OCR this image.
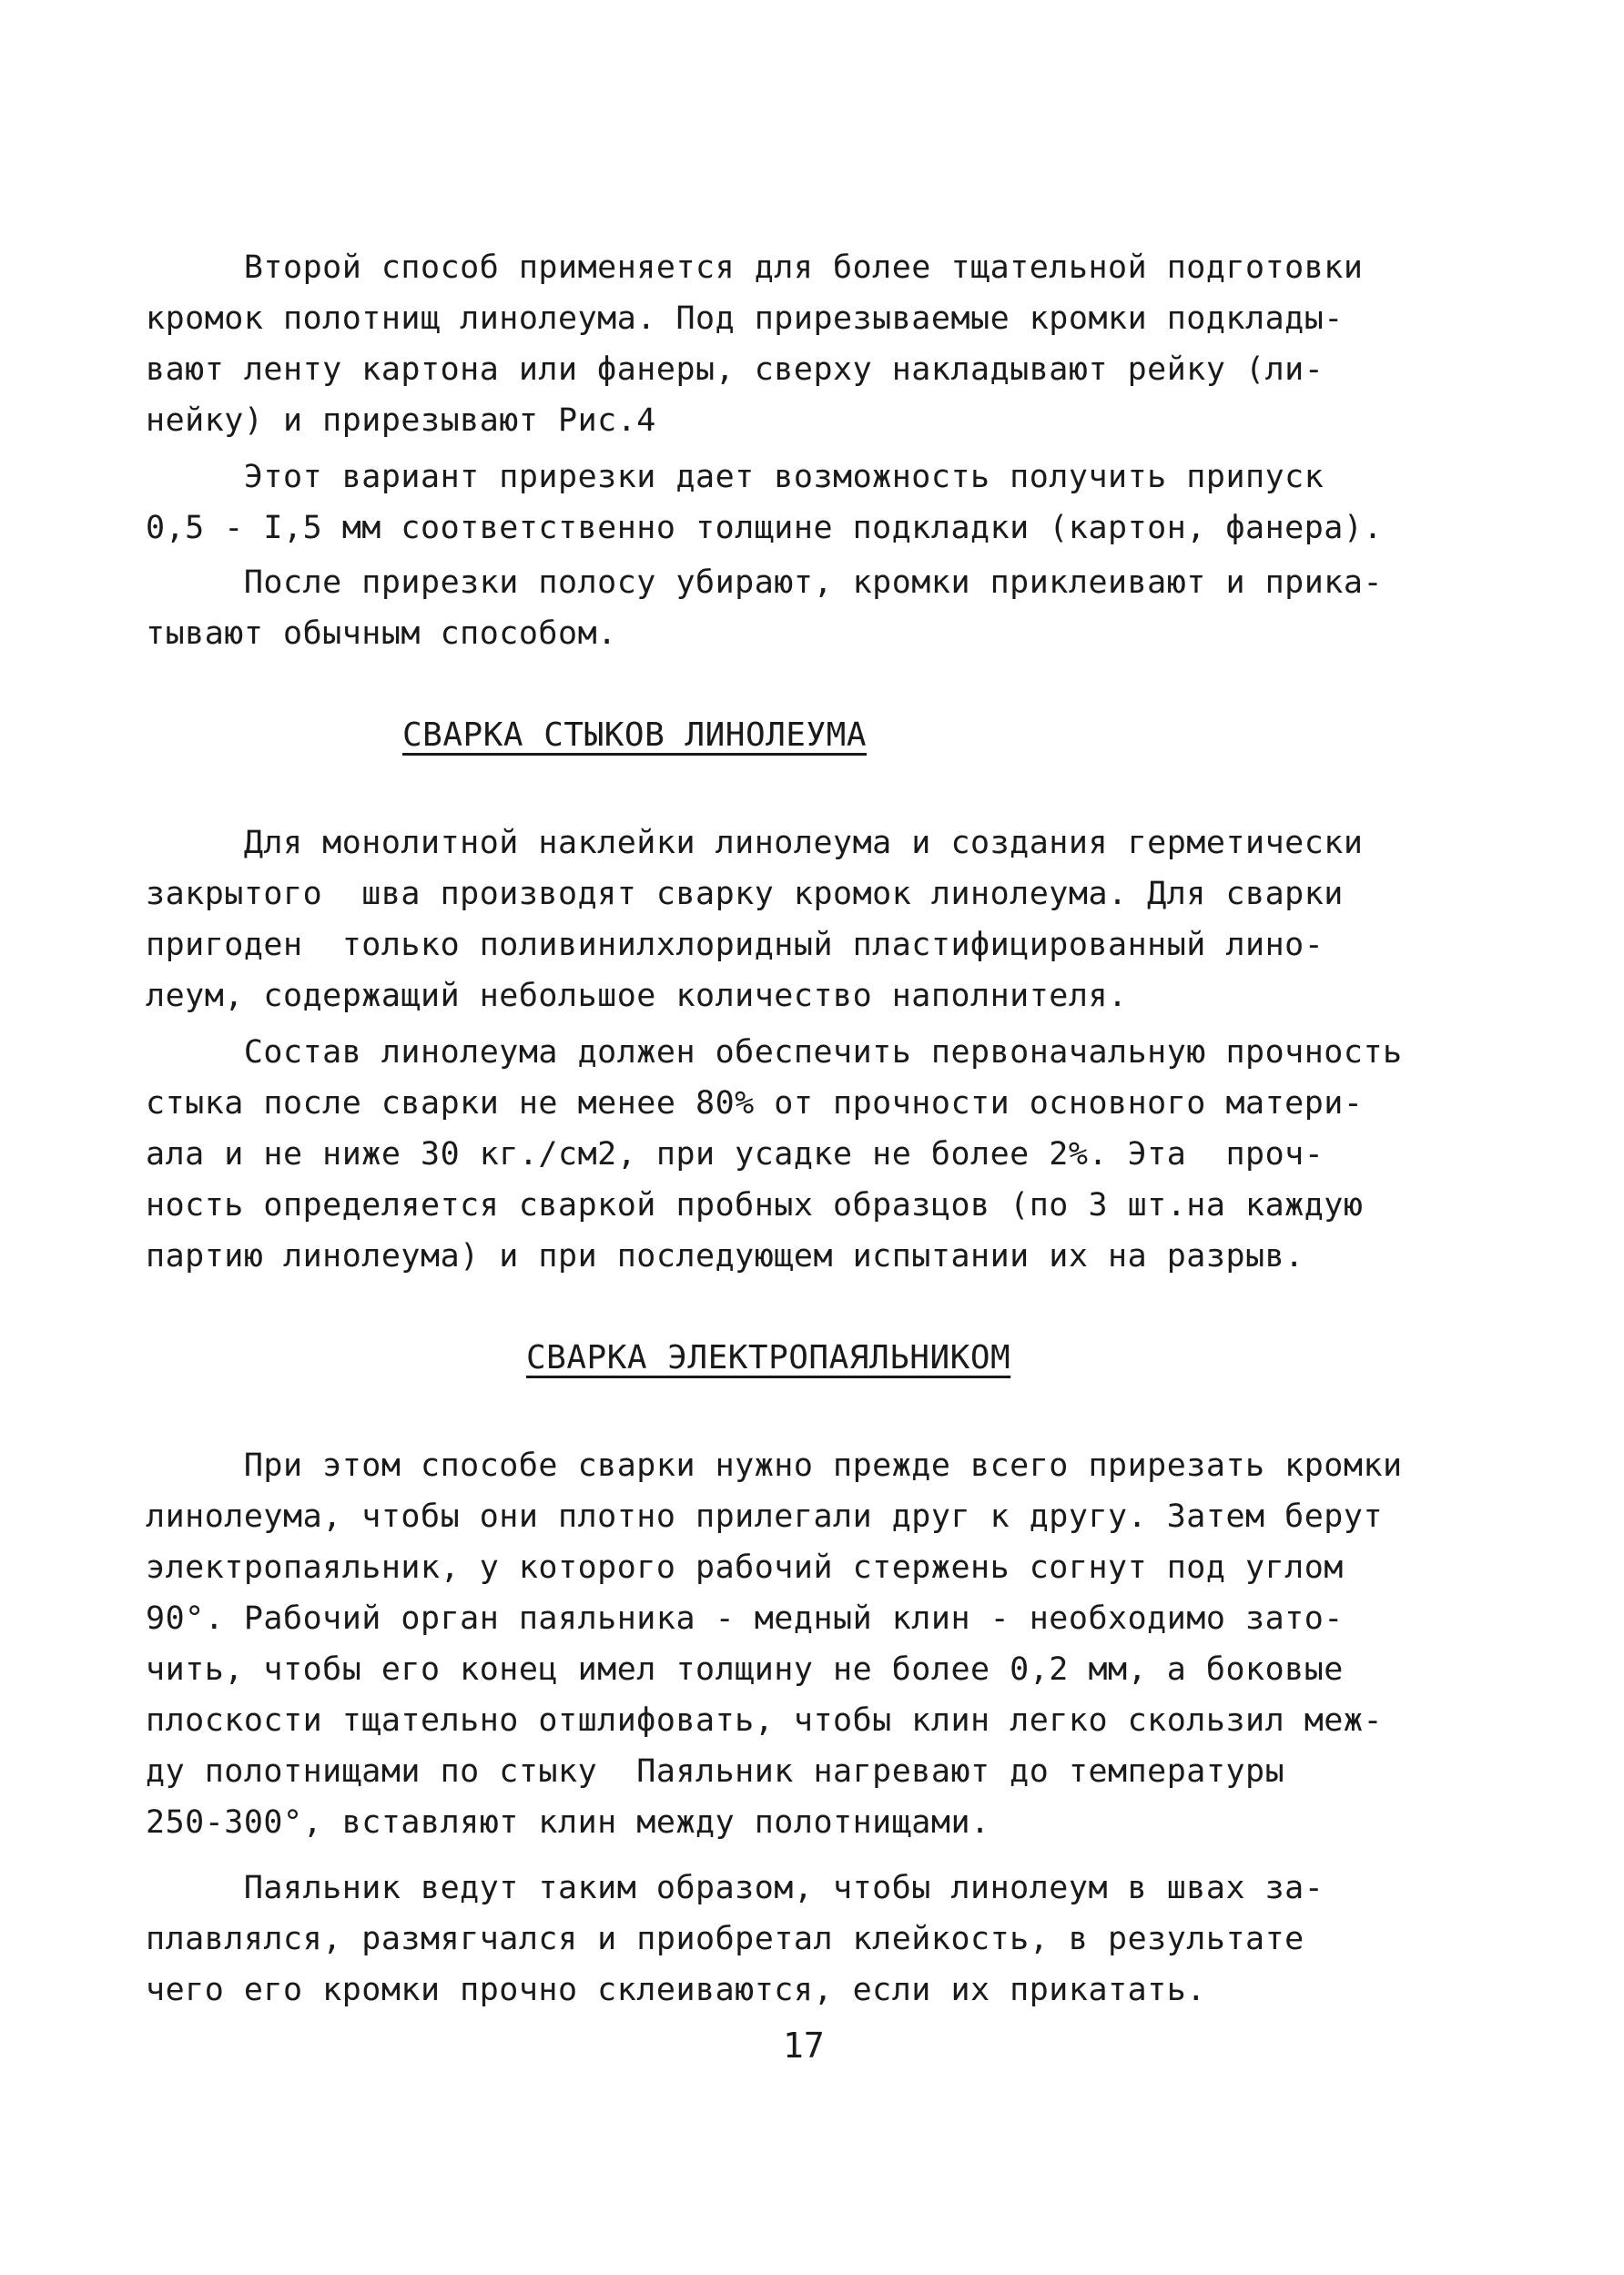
Второй способ применяется для более тщательной подготовки
кромок полотнищ линолеума. Под прирезываемые кромки подклады-
вают ленту картона или фанеры, сверху накладывают рейку (ли-
нейку) и прирезывают Рис.4
Этот вариант прирезки дает возможность получить припуск
0,5 - I,5 мм соответственно толщине подкладки (картон, фанера).
После прирезки полосу убирают, кромки приклеивают и прика-
тывают обычным способом.
СВАРКА СТЫКОВ ЛИНОЛЕУМА
Для монолитной наклейки линолеума и создания герметически
закрытого  шва производят сварку кромок линолеума. Для сварки
пригоден  только поливинилхлоридный пластифицированный лино-
леум, содержащий небольшое количество наполнителя.
Состав линолеума должен обеспечить первоначальную прочность
стыка после сварки не менее 80% от прочности основного матери-
ала и не ниже 30 кг./см2, при усадке не более 2%. Эта  проч-
ность определяется сваркой пробных образцов (по 3 шт.на каждую
партию линолеума) и при последующем испытании их на разрыв.
СВАРКА ЭЛЕКТРОПАЯЛЬНИКОМ
При этом способе сварки нужно прежде всего прирезать кромки
линолеума, чтобы они плотно прилегали друг к другу. Затем берут
электропаяльник, у которого рабочий стержень согнут под углом
90°. Рабочий орган паяльника - медный клин - необходимо зато-
чить, чтобы его конец имел толщину не более 0,2 мм, а боковые
плоскости тщательно отшлифовать, чтобы клин легко скользил меж-
ду полотнищами по стыку  Паяльник нагревают до температуры
250-300°, вставляют клин между полотнищами.
Паяльник ведут таким образом, чтобы линолеум в швах за-
плавлялся, размягчался и приобретал клейкость, в результате
чего его кромки прочно склеиваются, если их прикатать.
17
